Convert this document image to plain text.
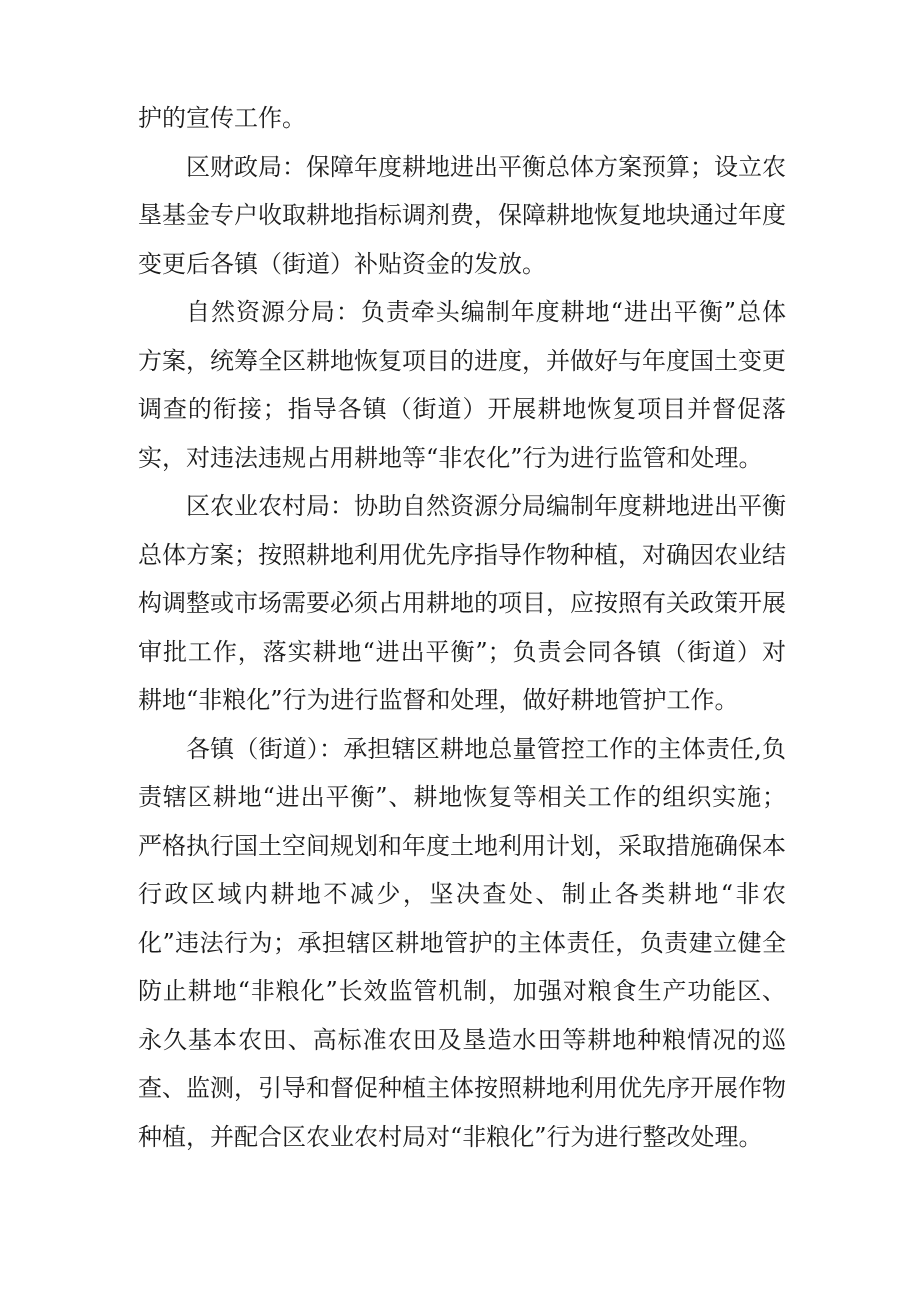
护的宣传工作。

区财政局：保障年度耕地进出平衡总体方案预算；设立农垦基金专户收取耕地指标调剂费，保障耕地恢复地块通过年度变更后各镇（街道）补贴资金的发放。

自然资源分局：负责牵头编制年度耕地“进出平衡”总体方案，统筹全区耕地恢复项目的进度，并做好与年度国土变更调查的衔接；指导各镇（街道）开展耕地恢复项目并督促落实，对违法违规占用耕地等“非农化”行为进行监管和处理。

区农业农村局：协助自然资源分局编制年度耕地进出平衡总体方案；按照耕地利用优先序指导作物种植，对确因农业结构调整或市场需要必须占用耕地的项目，应按照有关政策开展审批工作，落实耕地“进出平衡”；负责会同各镇（街道）对耕地“非粮化”行为进行监督和处理，做好耕地管护工作。

各镇（街道）：承担辖区耕地总量管控工作的主体责任,负责辖区耕地“进出平衡”、耕地恢复等相关工作的组织实施；严格执行国土空间规划和年度土地利用计划，采取措施确保本行政区域内耕地不减少，坚决查处、制止各类耕地“非农化”违法行为；承担辖区耕地管护的主体责任，负责建立健全防止耕地“非粮化”长效监管机制，加强对粮食生产功能区、永久基本农田、高标准农田及垦造水田等耕地种粮情况的巡查、监测，引导和督促种植主体按照耕地利用优先序开展作物种植，并配合区农业农村局对“非粮化”行为进行整改处理。
